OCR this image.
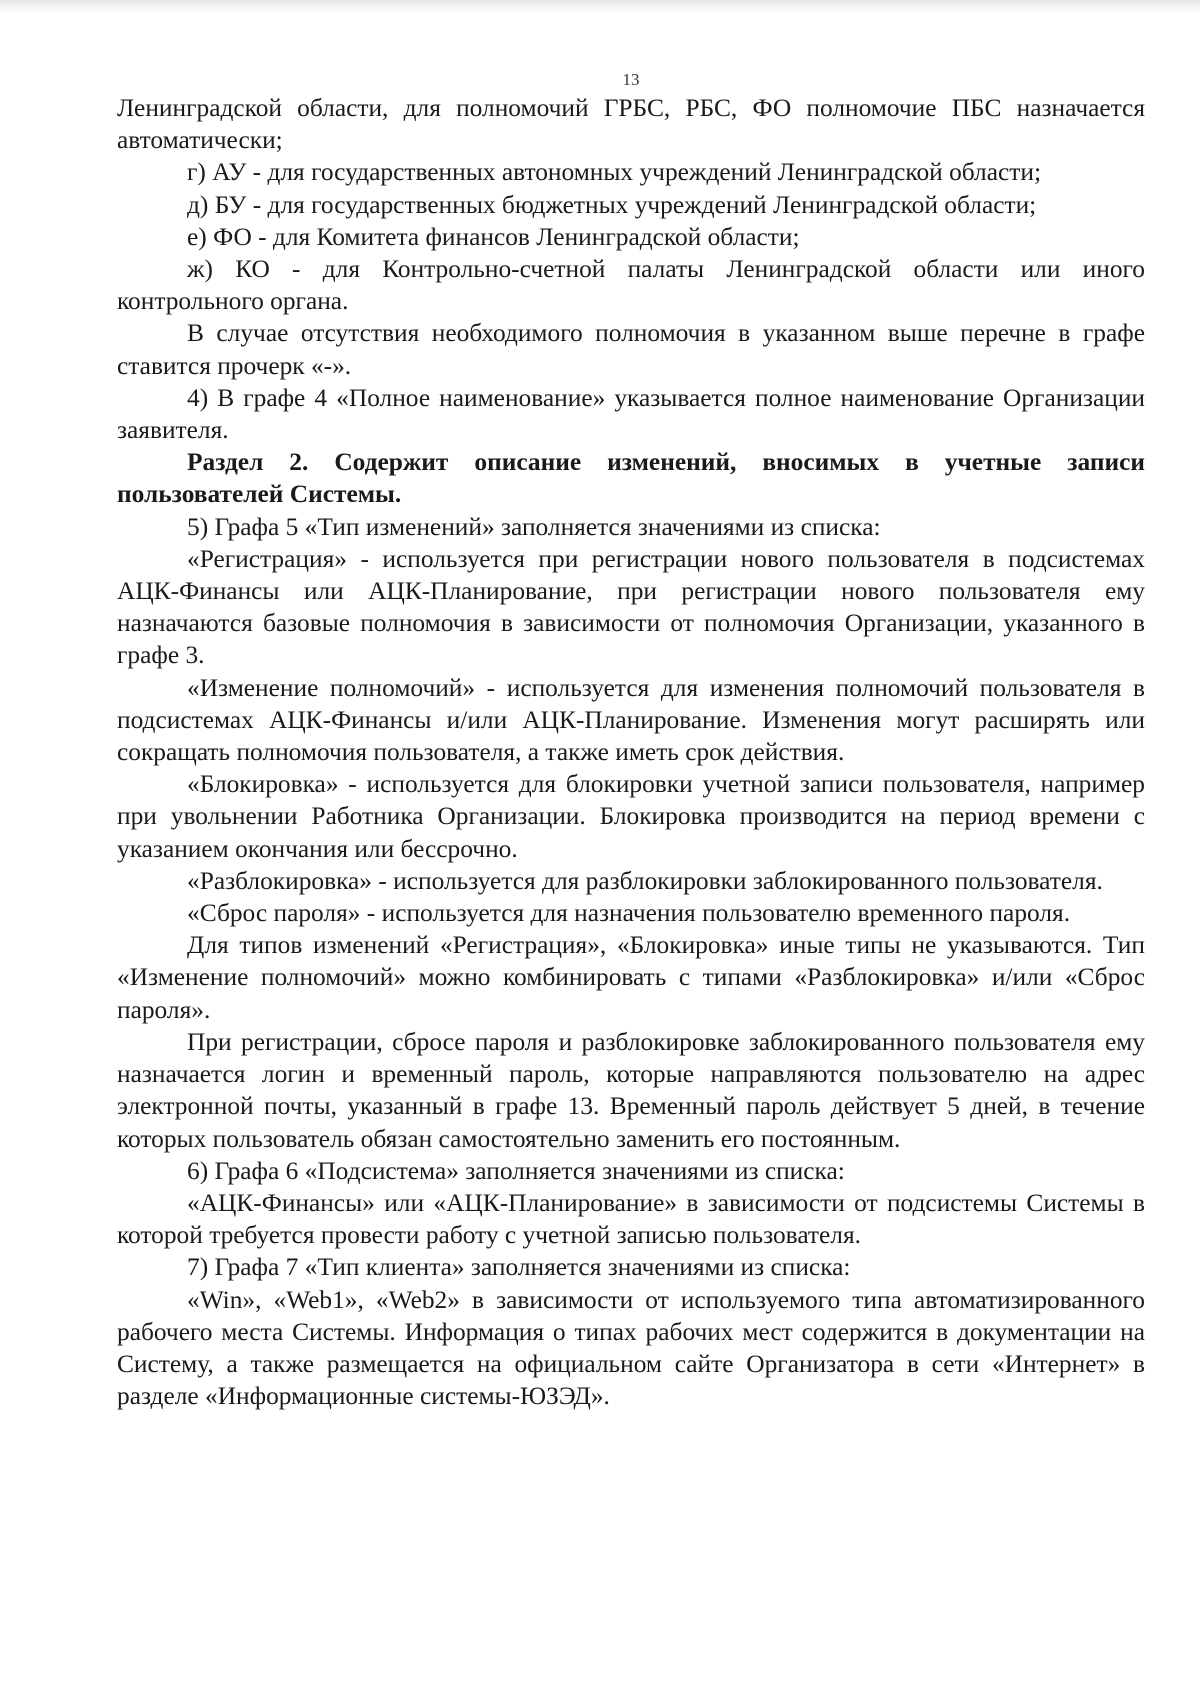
13

Ленинградской области, для полномочий ГРБС, РБС, ФО полномочие ПБС назначается автоматически;

г) АУ - для государственных автономных учреждений Ленинградской области;

д) БУ - для государственных бюджетных учреждений Ленинградской области;

е) ФО - для Комитета финансов Ленинградской области;

ж) КО - для Контрольно-счетной палаты Ленинградской области или иного контрольного органа.

В случае отсутствия необходимого полномочия в указанном выше перечне в графе ставится прочерк «-».

4) В графе 4 «Полное наименование» указывается полное наименование Организации заявителя.

Раздел 2. Содержит описание изменений, вносимых в учетные записи пользователей Системы.

5) Графа 5 «Тип изменений» заполняется значениями из списка:

«Регистрация» - используется при регистрации нового пользователя в подсистемах АЦК-Финансы или АЦК-Планирование, при регистрации нового пользователя ему назначаются базовые полномочия в зависимости от полномочия Организации, указанного в графе 3.

«Изменение полномочий» - используется для изменения полномочий пользователя в подсистемах АЦК-Финансы и/или АЦК-Планирование. Изменения могут расширять или сокращать полномочия пользователя, а также иметь срок действия.

«Блокировка» - используется для блокировки учетной записи пользователя, например при увольнении Работника Организации. Блокировка производится на период времени с указанием окончания или бессрочно.

«Разблокировка» - используется для разблокировки заблокированного пользователя.

«Сброс пароля» - используется для назначения пользователю временного пароля.

Для типов изменений «Регистрация», «Блокировка» иные типы не указываются. Тип «Изменение полномочий» можно комбинировать с типами «Разблокировка» и/или «Сброс пароля».

При регистрации, сбросе пароля и разблокировке заблокированного пользователя ему назначается логин и временный пароль, которые направляются пользователю на адрес электронной почты, указанный в графе 13. Временный пароль действует 5 дней, в течение которых пользователь обязан самостоятельно заменить его постоянным.

6) Графа 6 «Подсистема» заполняется значениями из списка:

«АЦК-Финансы» или «АЦК-Планирование» в зависимости от подсистемы Системы в которой требуется провести работу с учетной записью пользователя.

7) Графа 7 «Тип клиента» заполняется значениями из списка:

«Win», «Web1», «Web2» в зависимости от используемого типа автоматизированного рабочего места Системы. Информация о типах рабочих мест содержится в документации на Систему, а также размещается на официальном сайте Организатора в сети «Интернет» в разделе «Информационные системы-ЮЗЭД».
